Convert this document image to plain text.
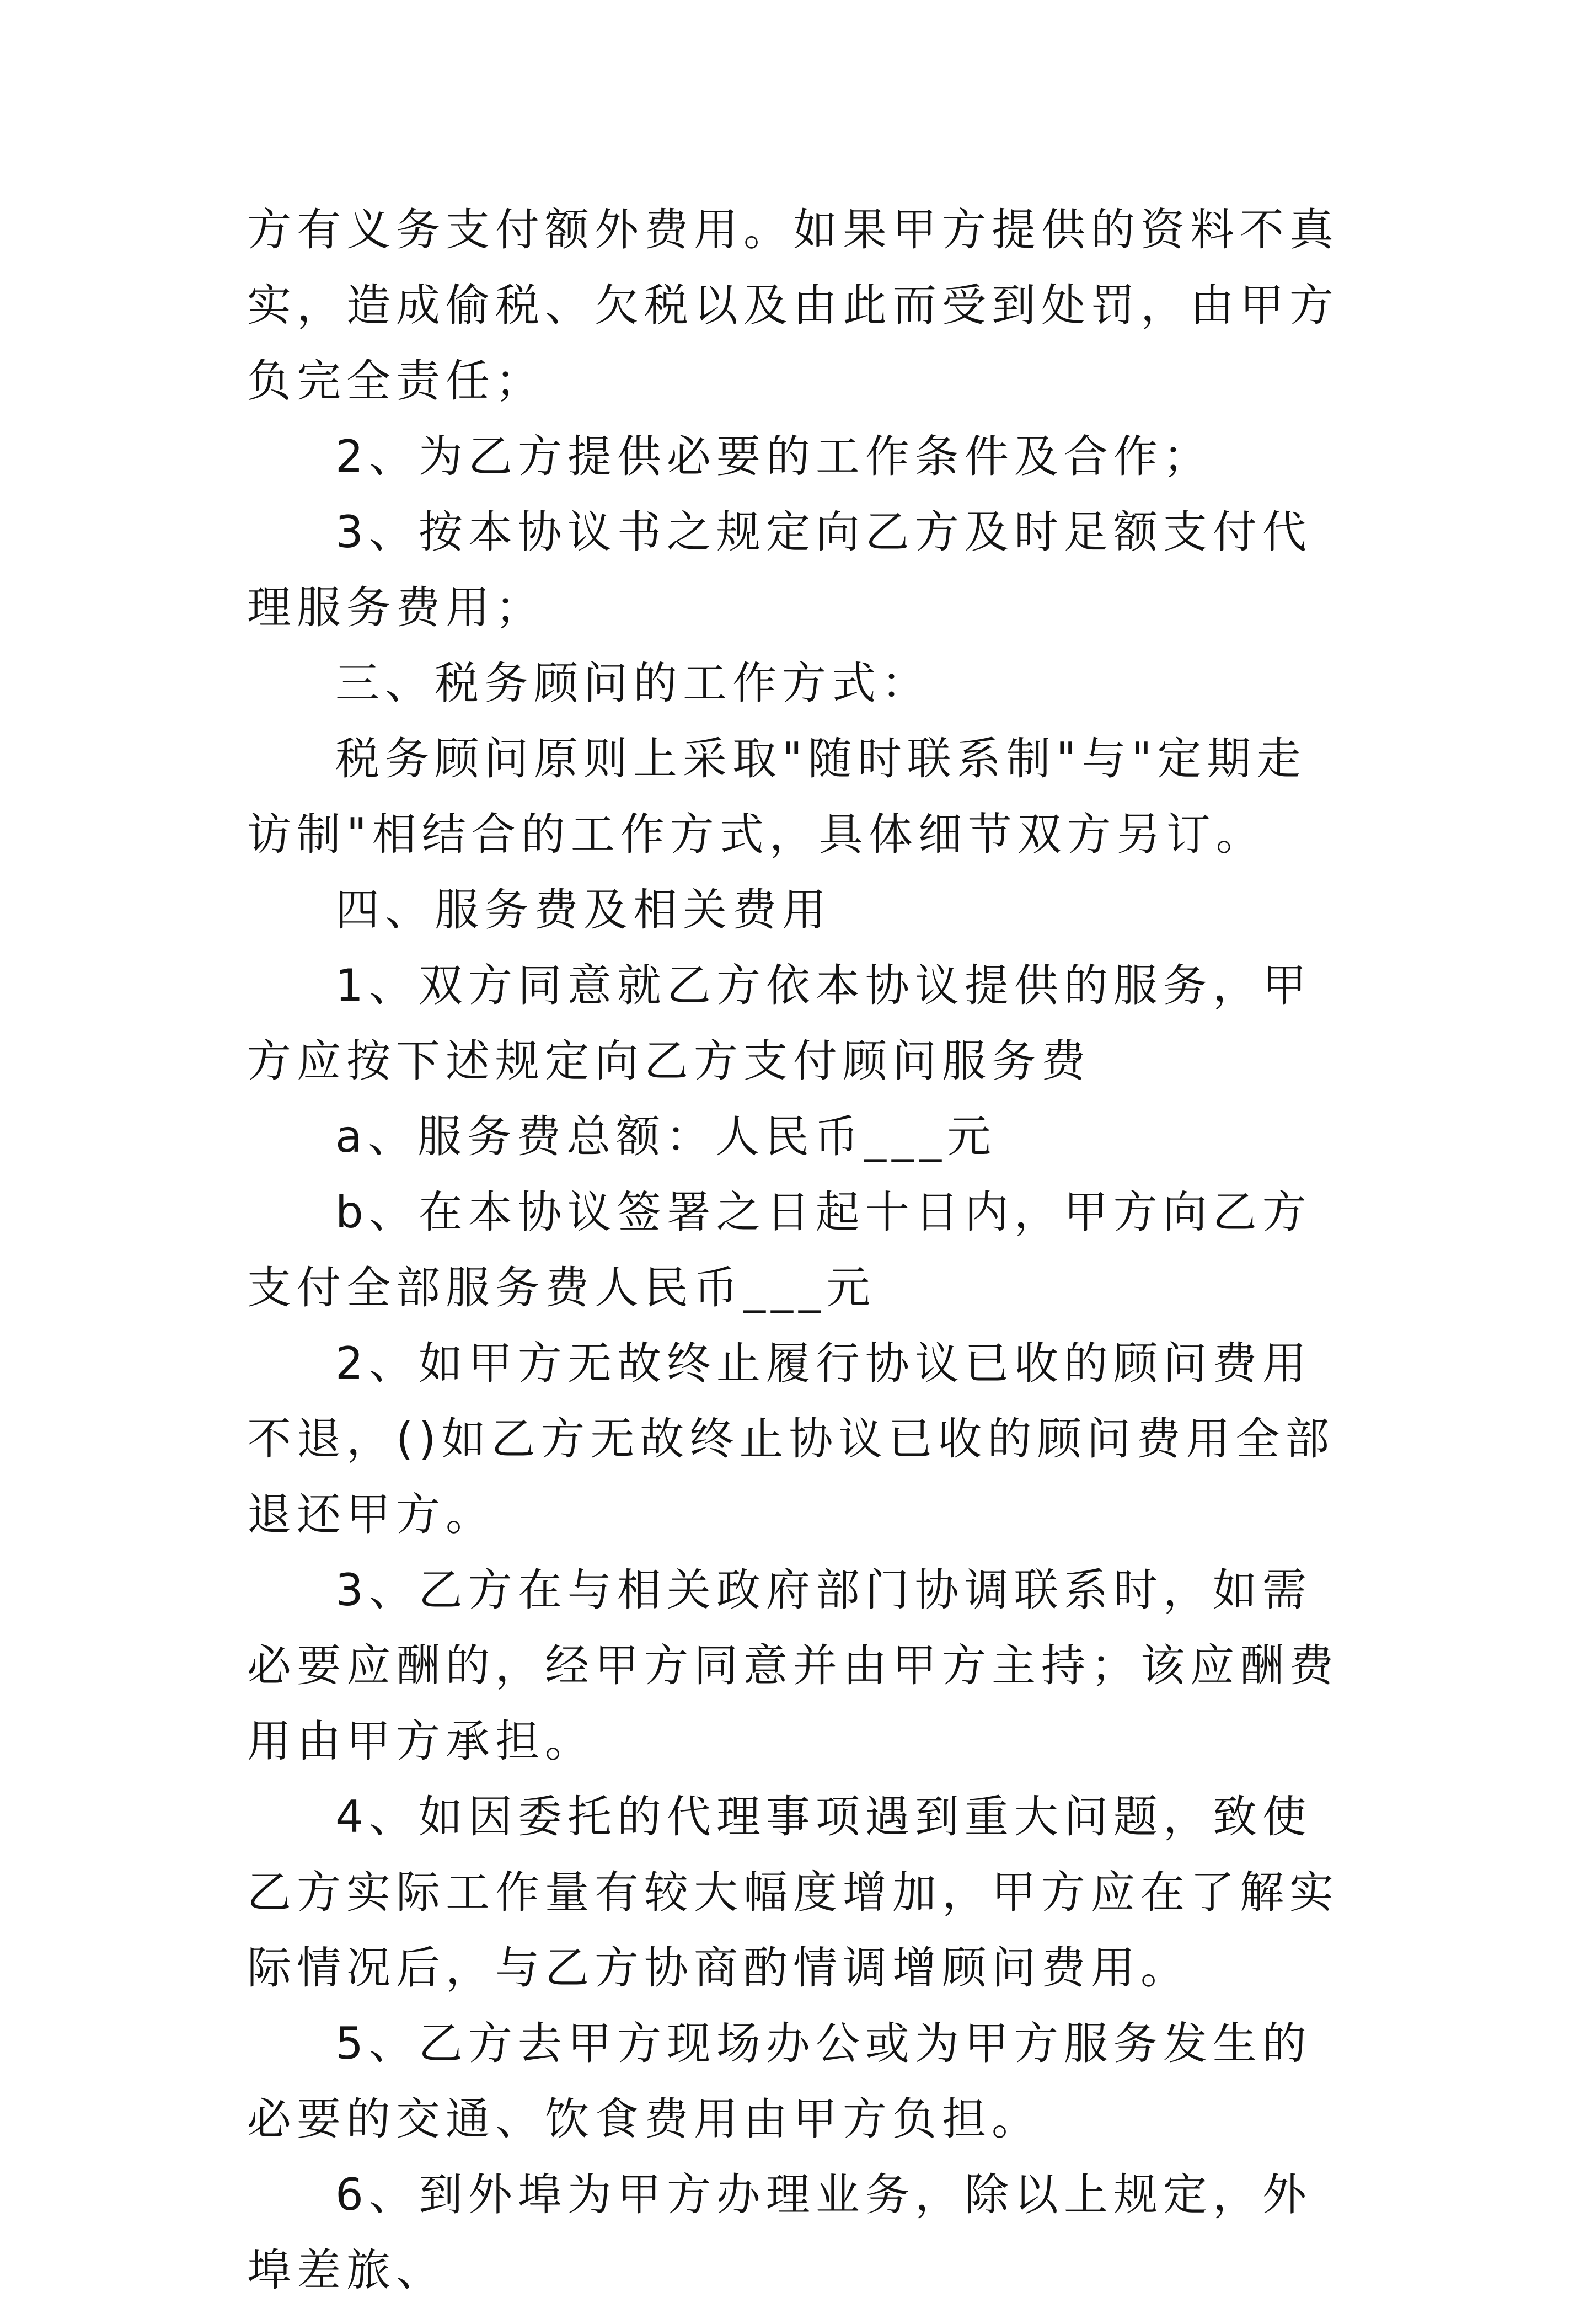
方有义务支付额外费用。如果甲方提供的资料不真实，造成偷税、欠税以及由此而受到处罚，由甲方负完全责任；

2、为乙方提供必要的工作条件及合作；

3、按本协议书之规定向乙方及时足额支付代理服务费用；

三、税务顾问的工作方式：

税务顾问原则上采取"随时联系制"与"定期走访制"相结合的工作方式，具体细节双方另订。

四、服务费及相关费用

1、双方同意就乙方依本协议提供的服务，甲方应按下述规定向乙方支付顾问服务费

a、服务费总额：人民币___元

b、在本协议签署之日起十日内，甲方向乙方支付全部服务费人民币___元

2、如甲方无故终止履行协议已收的顾问费用不退，()如乙方无故终止协议已收的顾问费用全部退还甲方。

3、乙方在与相关政府部门协调联系时，如需必要应酬的，经甲方同意并由甲方主持；该应酬费用由甲方承担。

4、如因委托的代理事项遇到重大问题，致使乙方实际工作量有较大幅度增加，甲方应在了解实际情况后，与乙方协商酌情调增顾问费用。

5、乙方去甲方现场办公或为甲方服务发生的必要的交通、饮食费用由甲方负担。

6、到外埠为甲方办理业务，除以上规定，外埠差旅、
